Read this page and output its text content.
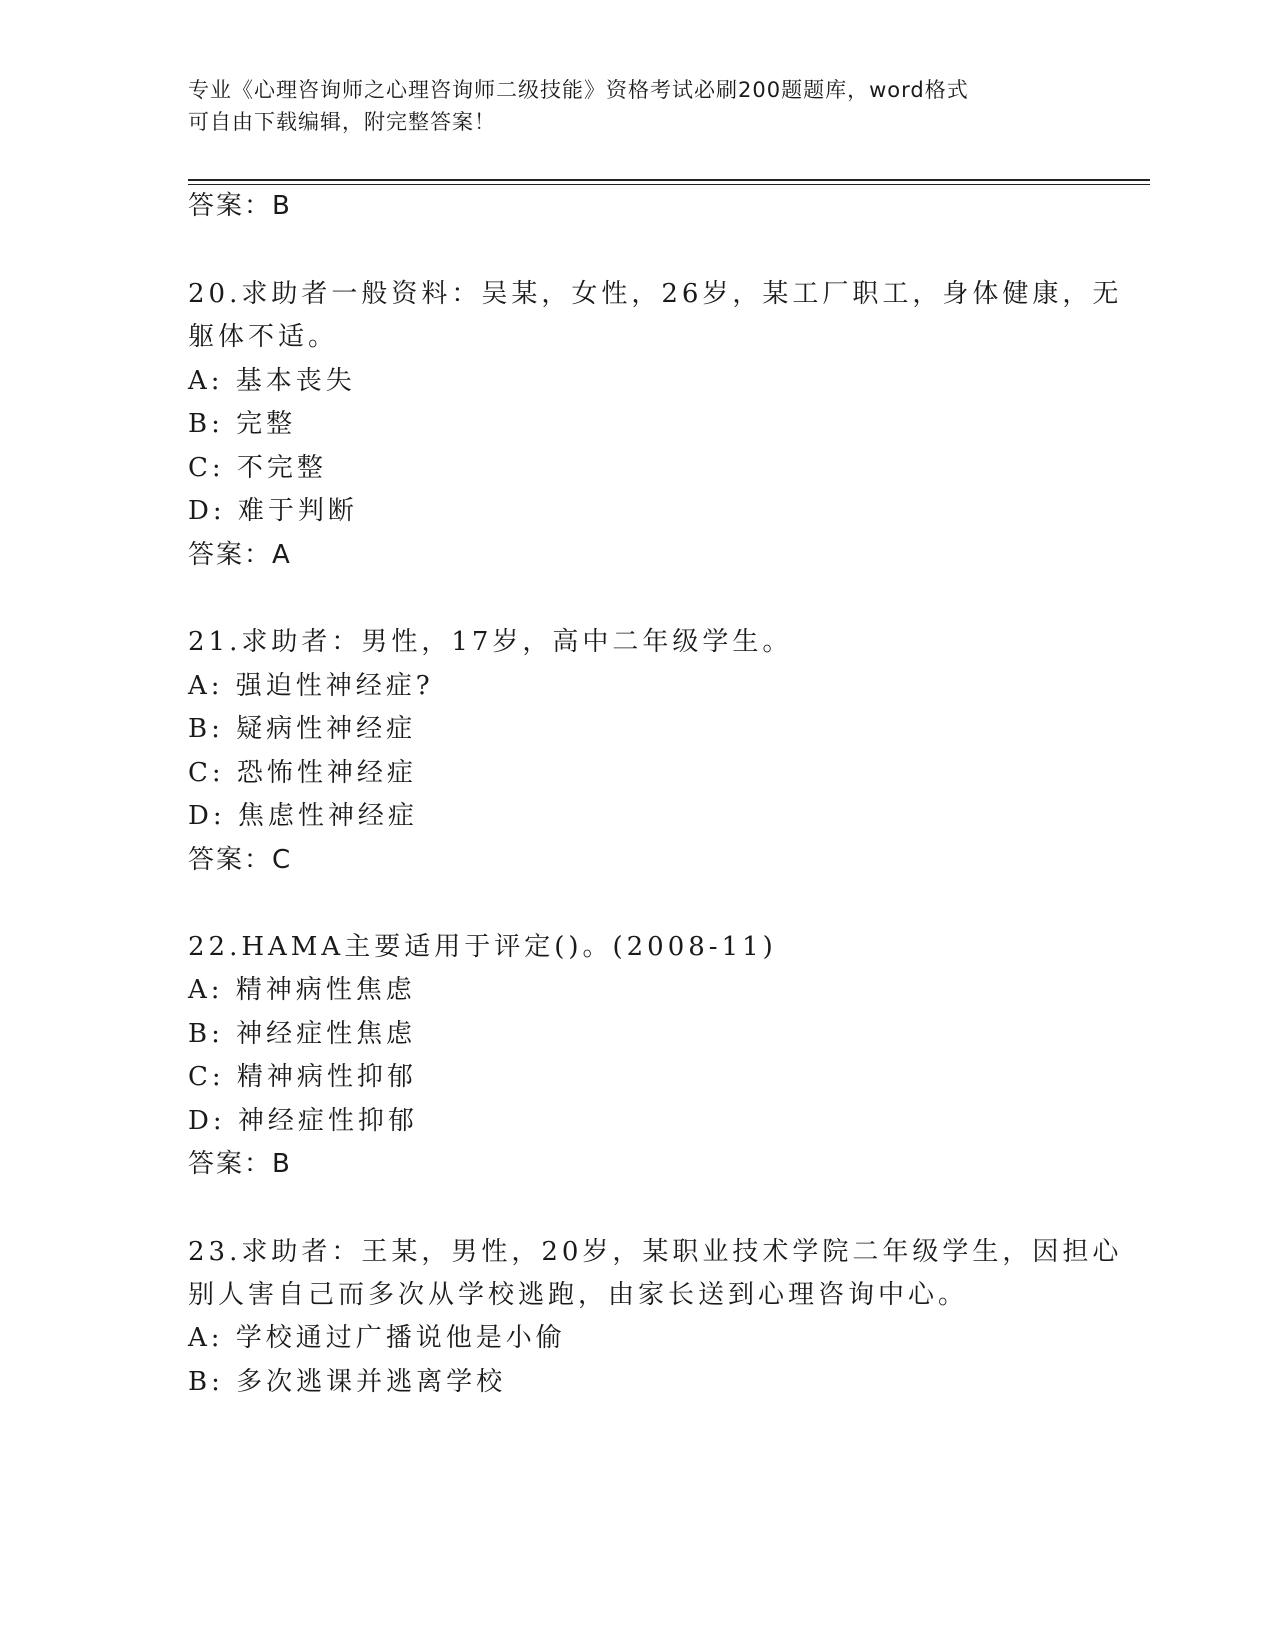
专业《心理咨询师之心理咨询师二级技能》资格考试必刷200题题库，word格式
可自由下载编辑，附完整答案！
答案：B
20.求助者一般资料：吴某，女性，26岁，某工厂职工，身体健康，无
躯体不适。
A: 基本丧失
B: 完整
C: 不完整
D: 难于判断
答案：A
21.求助者：男性，17岁，高中二年级学生。
A: 强迫性神经症?
B: 疑病性神经症
C: 恐怖性神经症
D: 焦虑性神经症
答案：C
22.HAMA主要适用于评定()。(2008-11)
A: 精神病性焦虑
B: 神经症性焦虑
C: 精神病性抑郁
D: 神经症性抑郁
答案：B
23.求助者：王某，男性，20岁，某职业技术学院二年级学生，因担心
别人害自己而多次从学校逃跑，由家长送到心理咨询中心。
A: 学校通过广播说他是小偷
B: 多次逃课并逃离学校
